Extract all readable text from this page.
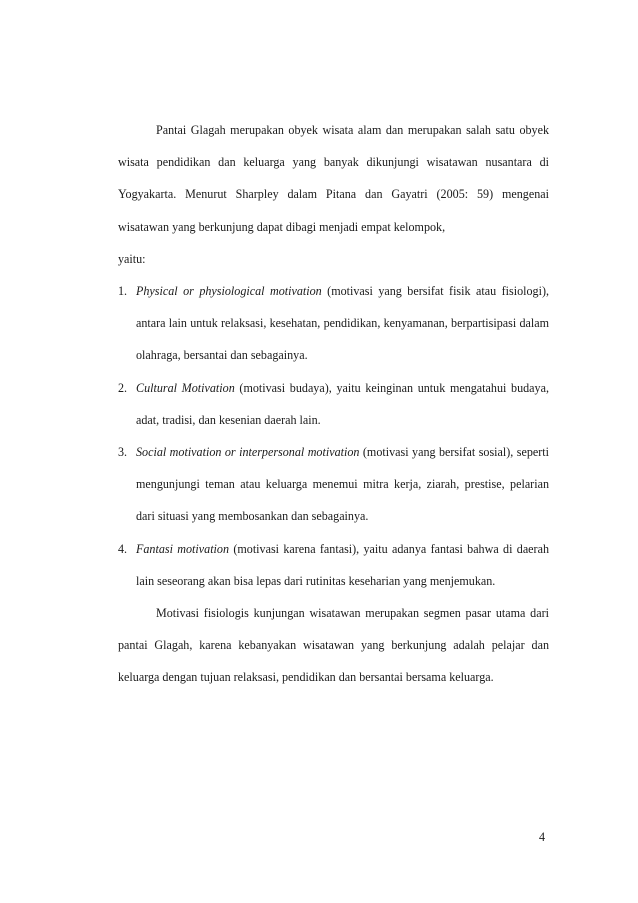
Pantai Glagah merupakan obyek wisata alam dan merupakan salah satu obyek wisata pendidikan dan keluarga yang banyak dikunjungi wisatawan nusantara di Yogyakarta. Menurut Sharpley dalam Pitana dan Gayatri (2005: 59) mengenai wisatawan yang berkunjung dapat dibagi menjadi empat kelompok,

yaitu:

1. Physical or physiological motivation (motivasi yang bersifat fisik atau fisiologi), antara lain untuk relaksasi, kesehatan, pendidikan, kenyamanan, berpartisipasi dalam olahraga, bersantai dan sebagainya.
2. Cultural Motivation (motivasi budaya), yaitu keinginan untuk mengatahui budaya, adat, tradisi, dan kesenian daerah lain.
3. Social motivation or interpersonal motivation (motivasi yang bersifat sosial), seperti mengunjungi teman atau keluarga menemui mitra kerja, ziarah, prestise, pelarian dari situasi yang membosankan dan sebagainya.
4. Fantasi motivation (motivasi karena fantasi), yaitu adanya fantasi bahwa di daerah lain seseorang akan bisa lepas dari rutinitas keseharian yang menjemukan.

Motivasi fisiologis kunjungan wisatawan merupakan segmen pasar utama dari pantai Glagah, karena kebanyakan wisatawan yang berkunjung adalah pelajar dan keluarga dengan tujuan relaksasi, pendidikan dan bersantai bersama keluarga.

4
